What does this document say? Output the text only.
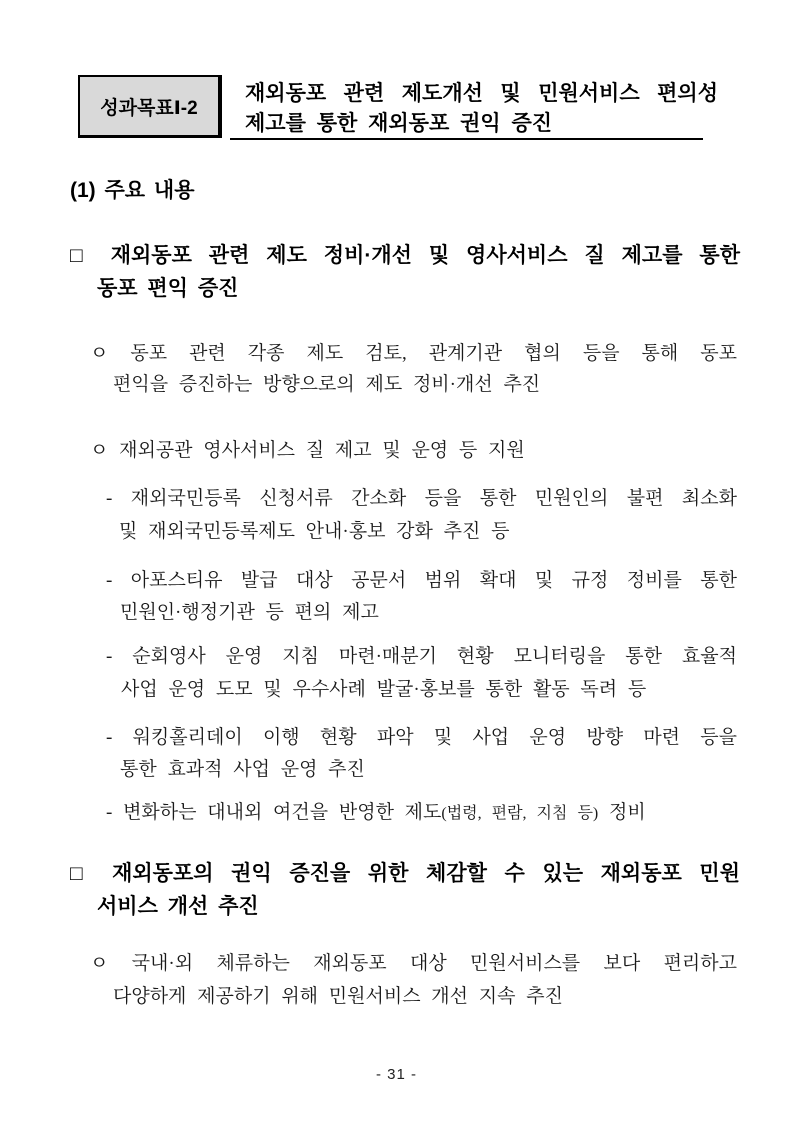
성과목표Ⅰ-2
재외동포 관련 제도개선 및 민원서비스 편의성
제고를 통한 재외동포 권익 증진
(1) 주요 내용
□ 재외동포 관련 제도 정비·개선 및 영사서비스 질 제고를 통한
동포 편익 증진
ㅇ 동포 관련 각종 제도 검토, 관계기관 협의 등을 통해 동포
편익을 증진하는 방향으로의 제도 정비·개선 추진
ㅇ 재외공관 영사서비스 질 제고 및 운영 등 지원
- 재외국민등록 신청서류 간소화 등을 통한 민원인의 불편 최소화
및 재외국민등록제도 안내·홍보 강화 추진 등
- 아포스티유 발급 대상 공문서 범위 확대 및 규정 정비를 통한
민원인·행정기관 등 편의 제고
- 순회영사 운영 지침 마련·매분기 현황 모니터링을 통한 효율적
사업 운영 도모 및 우수사례 발굴·홍보를 통한 활동 독려 등
- 워킹홀리데이 이행 현황 파악 및 사업 운영 방향 마련 등을
통한 효과적 사업 운영 추진
- 변화하는 대내외 여건을 반영한 제도(법령, 편람, 지침 등) 정비
□ 재외동포의 권익 증진을 위한 체감할 수 있는 재외동포 민원
서비스 개선 추진
ㅇ 국내·외 체류하는 재외동포 대상 민원서비스를 보다 편리하고
다양하게 제공하기 위해 민원서비스 개선 지속 추진
- 31 -
